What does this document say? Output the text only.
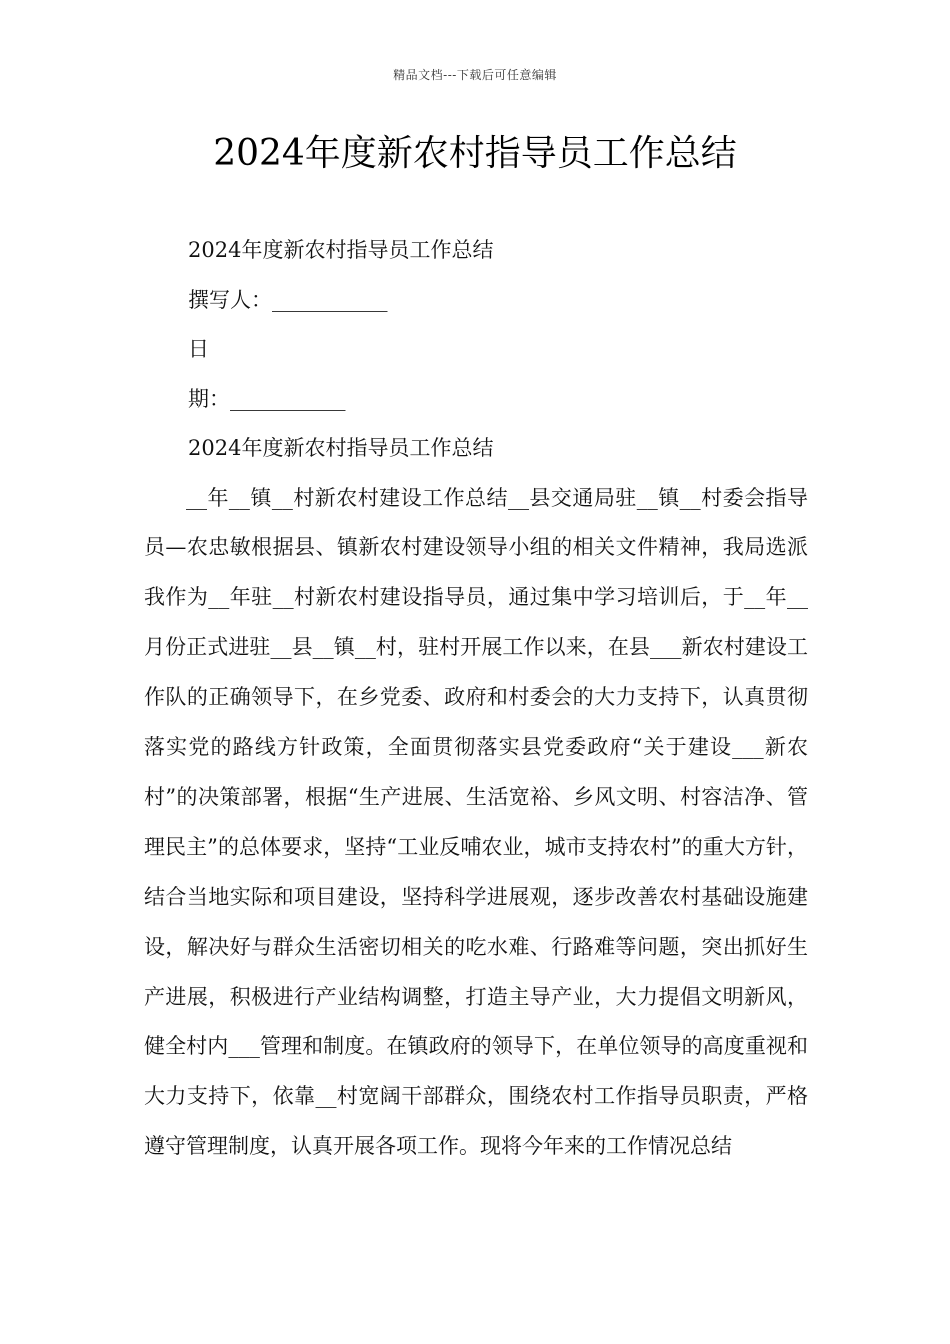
精品文档---下载后可任意编辑
2024年度新农村指导员工作总结
2024年度新农村指导员工作总结
撰写人：___________
日
期：___________
2024年度新农村指导员工作总结

__年__镇__村新农村建设工作总结__县交通局驻__镇__村委会指导员—农忠敏根据县、镇新农村建设领导小组的相关文件精神，我局选派我作为__年驻__村新农村建设指导员，通过集中学习培训后，于__年__月份正式进驻__县__镇__村，驻村开展工作以来，在县___新农村建设工作队的正确领导下，在乡党委、政府和村委会的大力支持下，认真贯彻落实党的路线方针政策，全面贯彻落实县党委政府“关于建设___新农村”的决策部署，根据“生产进展、生活宽裕、乡风文明、村容洁净、管理民主”的总体要求，坚持“工业反哺农业，城市支持农村”的重大方针，结合当地实际和项目建设，坚持科学进展观，逐步改善农村基础设施建设，解决好与群众生活密切相关的吃水难、行路难等问题，突出抓好生产进展，积极进行产业结构调整，打造主导产业，大力提倡文明新风，健全村内___管理和制度。在镇政府的领导下，在单位领导的高度重视和大力支持下，依靠__村宽阔干部群众，围绕农村工作指导员职责，严格遵守管理制度，认真开展各项工作。现将今年来的工作情况总结
